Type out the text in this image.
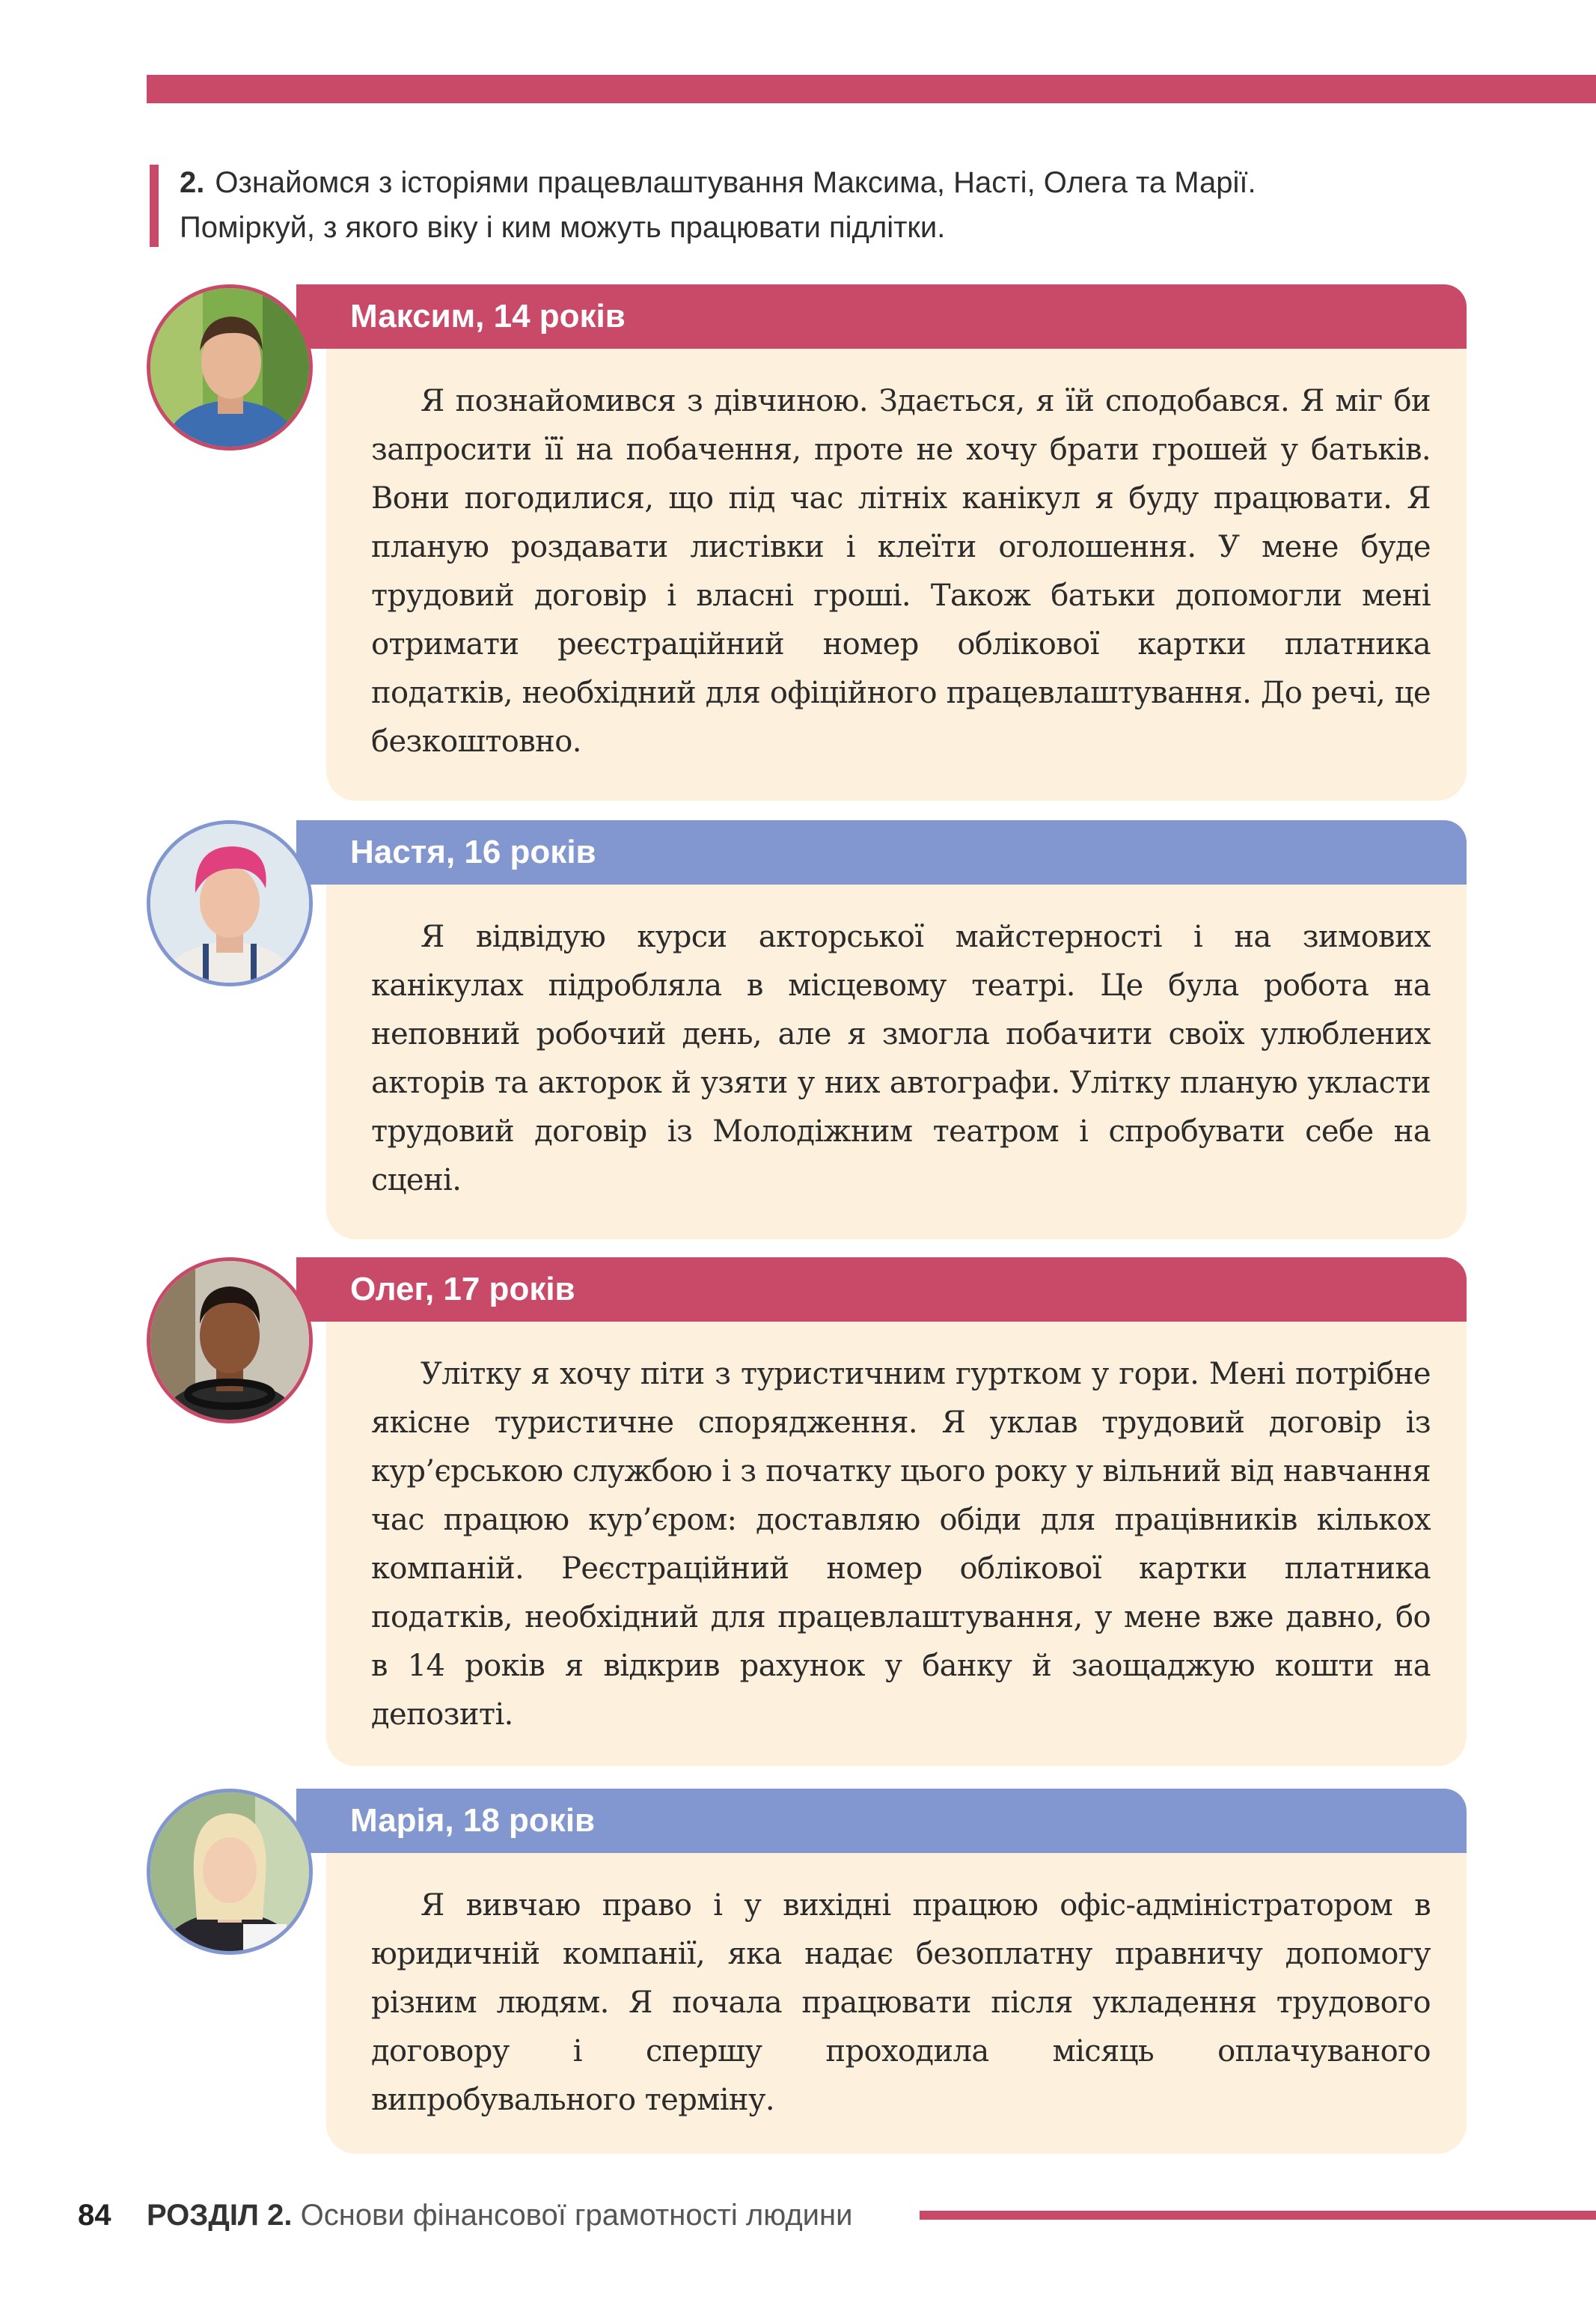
2. Ознайомся з історіями працевлаштування Максима, Насті, Олега та Марії.
Поміркуй, з якого віку і ким можуть працювати підлітки.
Максим, 14 років
Я познайомився з дівчиною. Здається, я їй сподобався. Я міг би запросити її на побачення, проте не хочу брати грошей у батьків. Вони погодилися, що під час літніх канікул я буду працювати. Я планую роздавати листівки і клеїти оголошення. У мене буде трудовий договір і власні гроші. Також батьки допомогли мені отримати реєстраційний номер облікової картки платника податків, необхідний для офіційного працевлаштування. До речі, це безкоштовно.
Настя, 16 років
Я відвідую курси акторської майстерності і на зимових канікулах підробляла в місцевому театрі. Це була робота на неповний робочий день, але я змогла побачити своїх улюблених акторів та акторок й узяти у них автографи. Улітку планую укласти трудовий договір із Молодіжним театром і спробувати себе на сцені.
Олег, 17 років
Улітку я хочу піти з туристичним гуртком у гори. Мені потрібне якісне туристичне спорядження. Я уклав трудовий договір із кур’єрською службою і з початку цього року у вільний від навчання час працюю кур’єром: доставляю обіди для працівників кількох компаній. Реєстраційний номер облікової картки платника податків, необхідний для працевлаштування, у мене вже давно, бо в 14 років я відкрив рахунок у банку й заощаджую кошти на депозиті.
Марія, 18 років
Я вивчаю право і у вихідні працюю офіс-адміністратором в юридичній компанії, яка надає безоплатну правничу допомогу різним людям. Я почала працювати після укладення трудового договору і спершу проходила місяць оплачуваного випробувального терміну.
84 РОЗДІЛ 2. Основи фінансової грамотності людини
